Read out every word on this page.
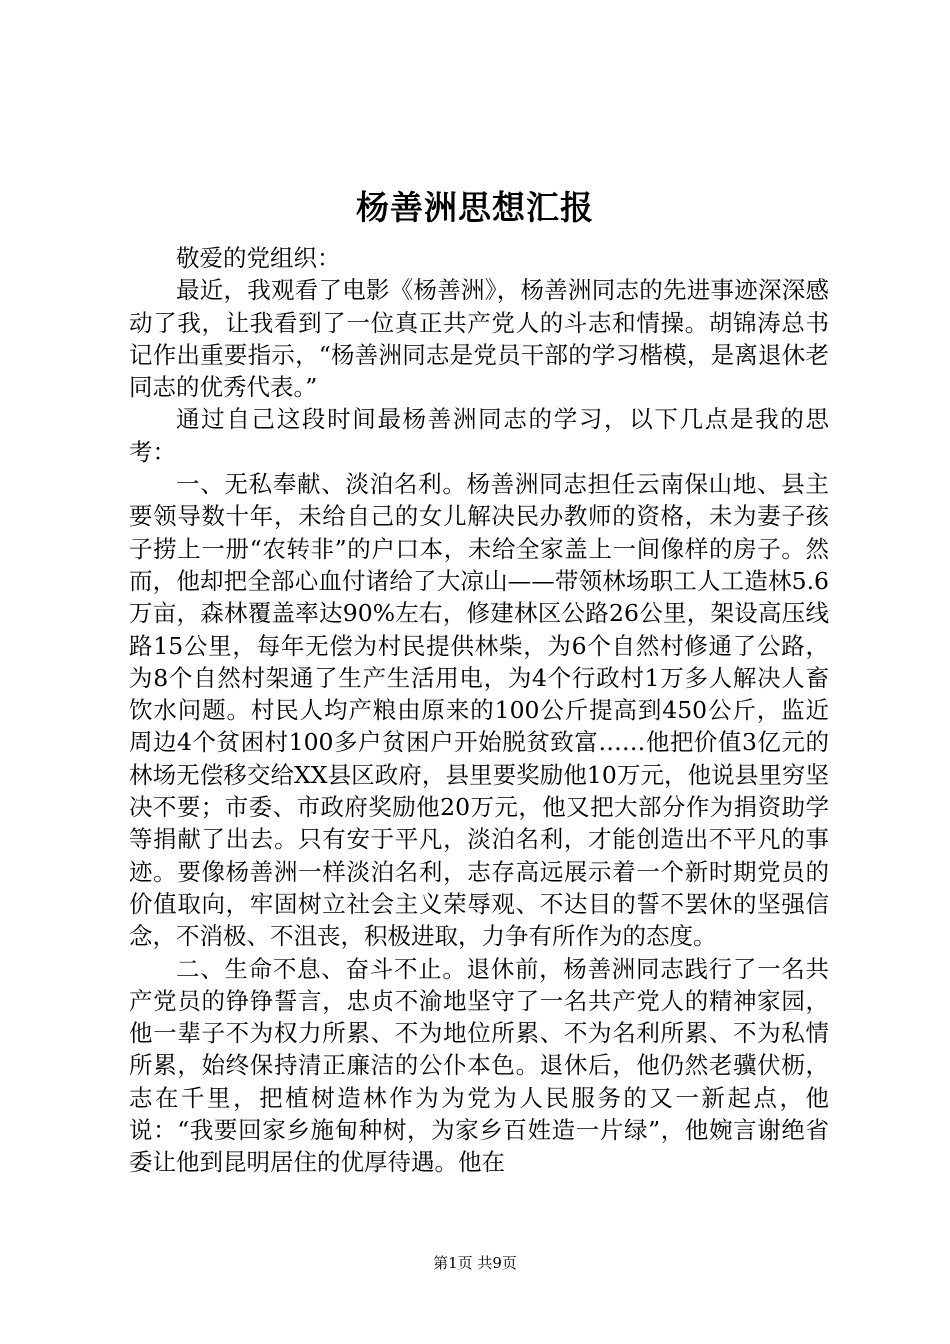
杨善洲思想汇报

敬爱的党组织：

最近，我观看了电影《杨善洲》，杨善洲同志的先进事迹深深感动了我，让我看到了一位真正共产党人的斗志和情操。胡锦涛总书记作出重要指示，“杨善洲同志是党员干部的学习楷模，是离退休老同志的优秀代表。”

通过自己这段时间最杨善洲同志的学习，以下几点是我的思考：

一、无私奉献、淡泊名利。杨善洲同志担任云南保山地、县主要领导数十年，未给自己的女儿解决民办教师的资格，未为妻子孩子捞上一册“农转非”的户口本，未给全家盖上一间像样的房子。然而，他却把全部心血付诸给了大凉山——带领林场职工人工造林5.6万亩，森林覆盖率达90%左右，修建林区公路26公里，架设高压线路15公里，每年无偿为村民提供林柴，为6个自然村修通了公路，为8个自然村架通了生产生活用电，为4个行政村1万多人解决人畜饮水问题。村民人均产粮由原来的100公斤提高到450公斤，监近周边4个贫困村100多户贫困户开始脱贫致富……他把价值3亿元的林场无偿移交给XX县区政府，县里要奖励他10万元，他说县里穷坚决不要；市委、市政府奖励他20万元，他又把大部分作为捐资助学等捐献了出去。只有安于平凡，淡泊名利，才能创造出不平凡的事迹。要像杨善洲一样淡泊名利，志存高远展示着一个新时期党员的价值取向，牢固树立社会主义荣辱观、不达目的誓不罢休的坚强信念，不消极、不沮丧，积极进取，力争有所作为的态度。

二、生命不息、奋斗不止。退休前，杨善洲同志践行了一名共产党员的铮铮誓言，忠贞不渝地坚守了一名共产党人的精神家园，他一辈子不为权力所累、不为地位所累、不为名利所累、不为私情所累，始终保持清正廉洁的公仆本色。退休后，他仍然老骥伏枥，志在千里，把植树造林作为为党为人民服务的又一新起点，他说：“我要回家乡施甸种树，为家乡百姓造一片绿”，他婉言谢绝省委让他到昆明居住的优厚待遇。他在

第1页 共9页
